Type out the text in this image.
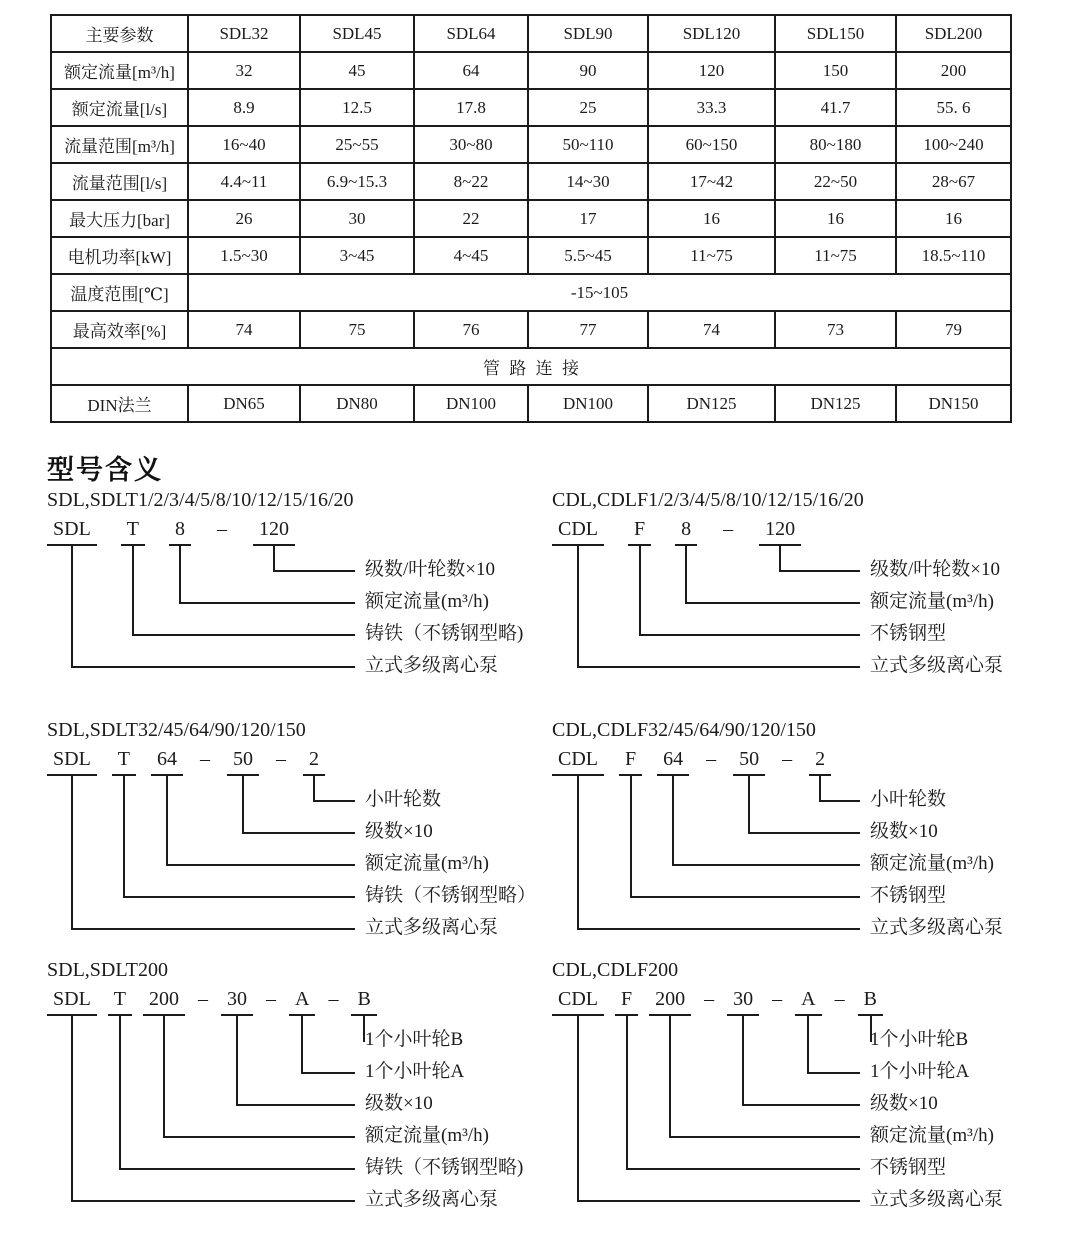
主要参数	SDL32	SDL45	SDL64	SDL90	SDL120	SDL150	SDL200
额定流量[m³/h]	32	45	64	90	120	150	200
额定流量[l/s]	8.9	12.5	17.8	25	33.3	41.7	55. 6
流量范围[m³/h]	16~40	25~55	30~80	50~110	60~150	80~180	100~240
流量范围[l/s]	4.4~11	6.9~15.3	8~22	14~30	17~42	22~50	28~67
最大压力[bar]	26	30	22	17	16	16	16
电机功率[kW]	1.5~30	3~45	4~45	5.5~45	11~75	11~75	18.5~110
温度范围[℃]	-15~105						
最高效率[%]	74	75	76	77	74	73	79
管路连接							
DIN法兰	DN65	DN80	DN100	DN100	DN125	DN125	DN150
型号含义
SDL,SDLT1/2/3/4/5/8/10/12/15/16/20
SDL	T	8	–	120
级数/叶轮数×10
额定流量(m³/h)
铸铁（不锈钢型略)
立式多级离心泵
CDL,CDLF1/2/3/4/5/8/10/12/15/16/20
CDL	F	8	–	120
级数/叶轮数×10
额定流量(m³/h)
不锈钢型
立式多级离心泵
SDL,SDLT32/45/64/90/120/150
SDL	T	64	–	50	–	2
小叶轮数
级数×10
额定流量(m³/h)
铸铁（不锈钢型略）
立式多级离心泵
CDL,CDLF32/45/64/90/120/150
CDL	F	64	–	50	–	2
小叶轮数
级数×10
额定流量(m³/h)
不锈钢型
立式多级离心泵
SDL,SDLT200
SDL	T	200 – 30 – A – B
1个小叶轮B
1个小叶轮A
级数×10
额定流量(m³/h)
铸铁（不锈钢型略)
立式多级离心泵
CDL,CDLF200
CDL	F	200 – 30 – A – B
1个小叶轮B
1个小叶轮A
级数×10
额定流量(m³/h)
不锈钢型
立式多级离心泵
